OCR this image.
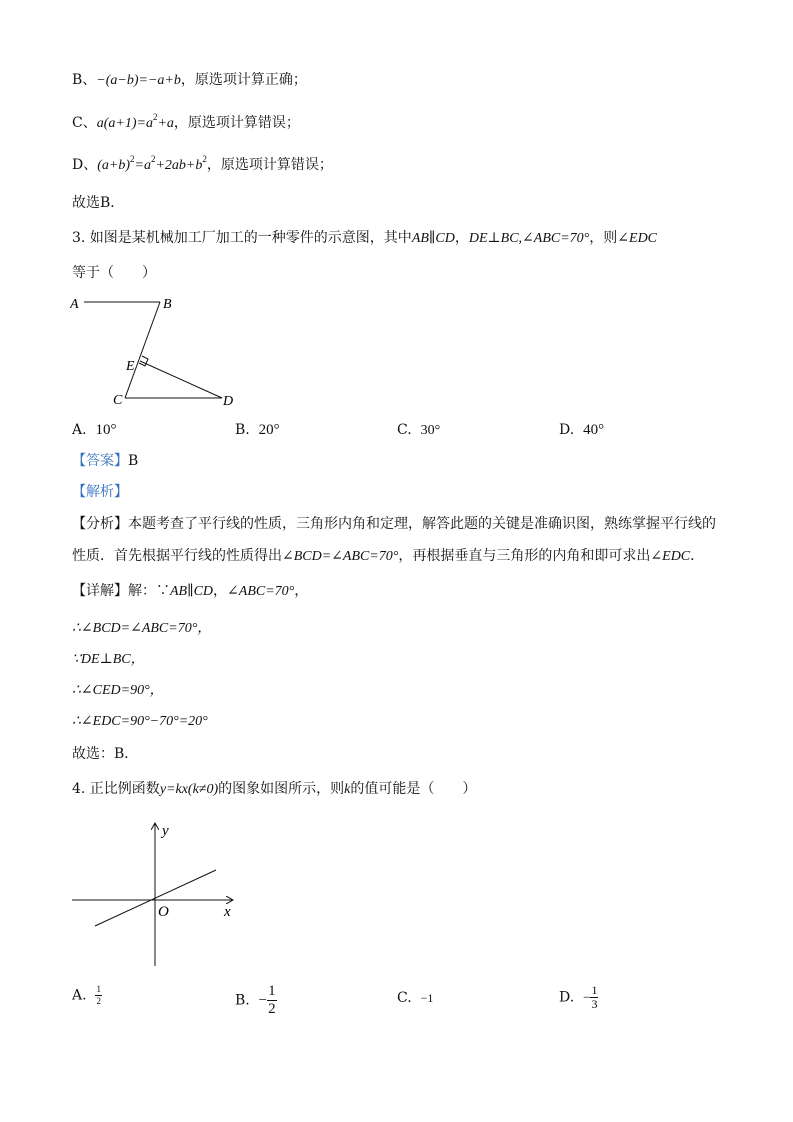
B、−(a−b)=−a+b，原选项计算正确；
C、$a(a+1)=a^2+a$，原选项计算错误；
D、$(a+b)^2=a^2+2ab+b^2$，原选项计算错误；
故选B．
3. 如图是某机械加工厂加工的一种零件的示意图，其中AB∥CD，DE⊥BC,∠ABC=70°，则∠EDC
等于（　　）
A	B
E
C	D
A. 10°	B. 20°	C. 30°	D. 40°
【答案】B
【解析】
【分析】本题考查了平行线的性质，三角形内角和定理，解答此题的关键是准确识图，熟练掌握平行线的
性质．首先根据平行线的性质得出∠BCD=∠ABC=70°，再根据垂直与三角形的内角和即可求出∠EDC．
【详解】解：∵AB∥CD，∠ABC=70°，
∴∠BCD=∠ABC=70°，
∵DE⊥BC，
∴∠CED=90°，
∴∠EDC=90°−70°=20°
故选：B．
4. 正比例函数y=kx(k≠0)的图象如图所示，则k的值可能是（　　）
y
x
O
A. $\frac{1}{2}$	B. − $\frac{1}{2}$	C. −1	D. − $\frac{1}{3}$
